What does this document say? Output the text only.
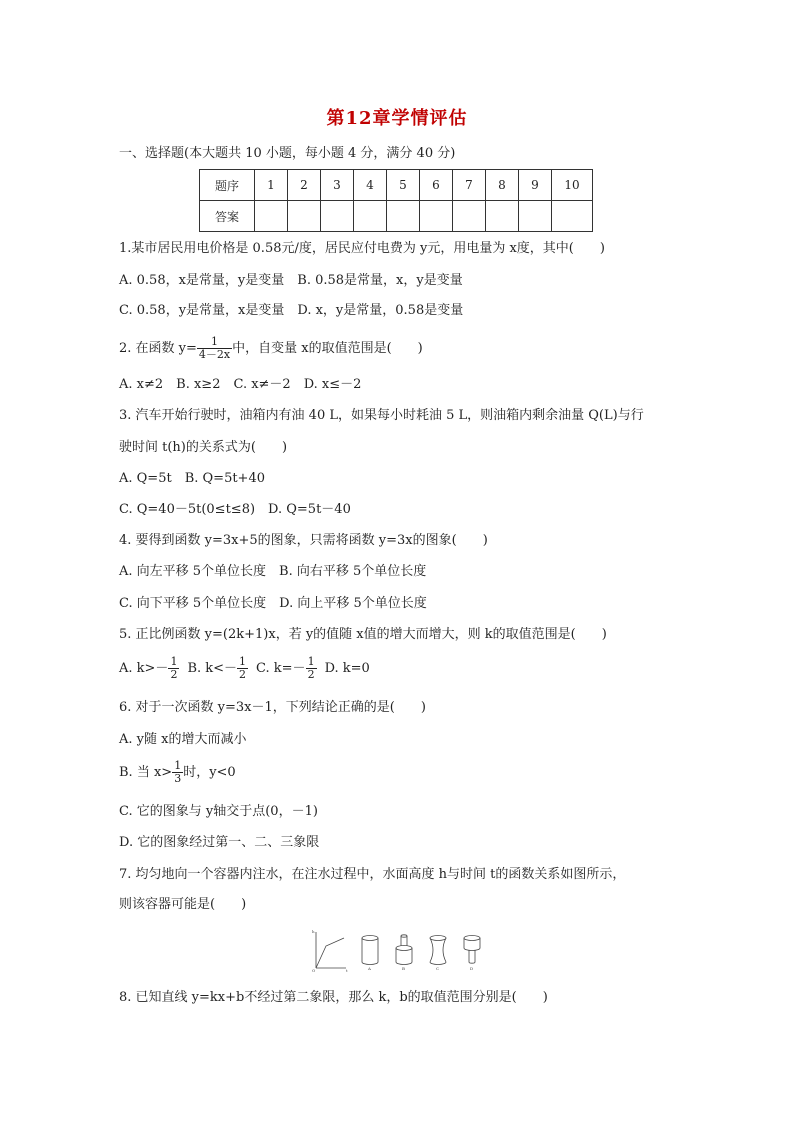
第12章学情评估
一、选择题(本大题共 10 小题，每小题 4 分，满分 40 分)
题序	1	2	3	4	5	6	7	8	9	10
答案										
1.某市居民用电价格是 0.58元/度，居民应付电费为 y元，用电量为 x度，其中(　　)
A. 0.58，x是常量，y是变量　B. 0.58是常量，x，y是变量
C. 0.58，y是常量，x是变量　D. x，y是常量，0.58是变量
2. 在函数 $y= \frac{1}{4-2x}$ 中，自变量 x的取值范围是(　　)
A. x≠2　B. x≥2　C. x≠－2　D. x≤－2
3. 汽车开始行驶时，油箱内有油 40 L，如果每小时耗油 5 L，则油箱内剩余油量 Q(L)与行
驶时间 t(h)的关系式为(　　)
A. Q=5t　B. Q=5t+40
C. Q=40－5t(0≤t≤8)　D. Q=5t－40
4. 要得到函数 y=3x+5的图象，只需将函数 y=3x的图象(　　)
A. 向左平移 5个单位长度　B. 向右平移 5个单位长度
C. 向下平移 5个单位长度　D. 向上平移 5个单位长度
5. 正比例函数 y=(2k+1)x，若 y的值随 x值的增大而增大，则 k的取值范围是(　　)
A. $k>- \frac{1}{2} B$. $k<- \frac{1}{2} C$. $k=- \frac{1}{2} D$. k=0
6. 对于一次函数 y=3x－1，下列结论正确的是(　　)
A. y随 x的增大而减小
B. 当 $x> \frac{1}{3}$ 时，y<0
C. 它的图象与 y轴交于点(0，－1)
D. 它的图象经过第一、二、三象限
7. 均匀地向一个容器内注水，在注水过程中，水面高度 h与时间 t的函数关系如图所示，
则该容器可能是(　　)
h
O	t	A	B	C	D
8. 已知直线 y=kx+b不经过第二象限，那么 k，b的取值范围分别是(　　)
